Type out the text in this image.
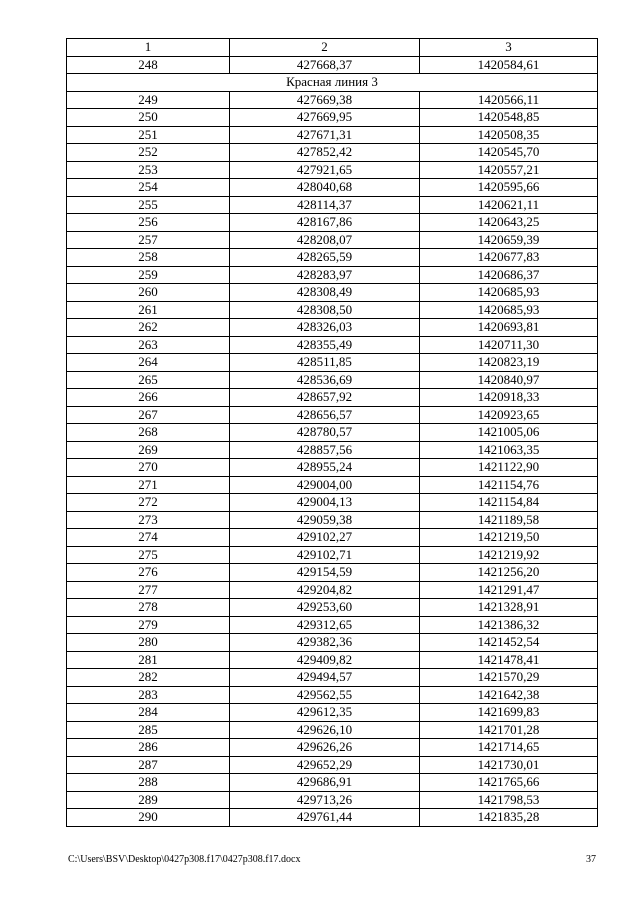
1	2	3
248	427668,37	1420584,61
Красная линия 3		
249	427669,38	1420566,11
250	427669,95	1420548,85
251	427671,31	1420508,35
252	427852,42	1420545,70
253	427921,65	1420557,21
254	428040,68	1420595,66
255	428114,37	1420621,11
256	428167,86	1420643,25
257	428208,07	1420659,39
258	428265,59	1420677,83
259	428283,97	1420686,37
260	428308,49	1420685,93
261	428308,50	1420685,93
262	428326,03	1420693,81
263	428355,49	1420711,30
264	428511,85	1420823,19
265	428536,69	1420840,97
266	428657,92	1420918,33
267	428656,57	1420923,65
268	428780,57	1421005,06
269	428857,56	1421063,35
270	428955,24	1421122,90
271	429004,00	1421154,76
272	429004,13	1421154,84
273	429059,38	1421189,58
274	429102,27	1421219,50
275	429102,71	1421219,92
276	429154,59	1421256,20
277	429204,82	1421291,47
278	429253,60	1421328,91
279	429312,65	1421386,32
280	429382,36	1421452,54
281	429409,82	1421478,41
282	429494,57	1421570,29
283	429562,55	1421642,38
284	429612,35	1421699,83
285	429626,10	1421701,28
286	429626,26	1421714,65
287	429652,29	1421730,01
288	429686,91	1421765,66
289	429713,26	1421798,53
290	429761,44	1421835,28
C:\Users\BSV\Desktop\0427p308.f17\0427p308.f17.docx	37
